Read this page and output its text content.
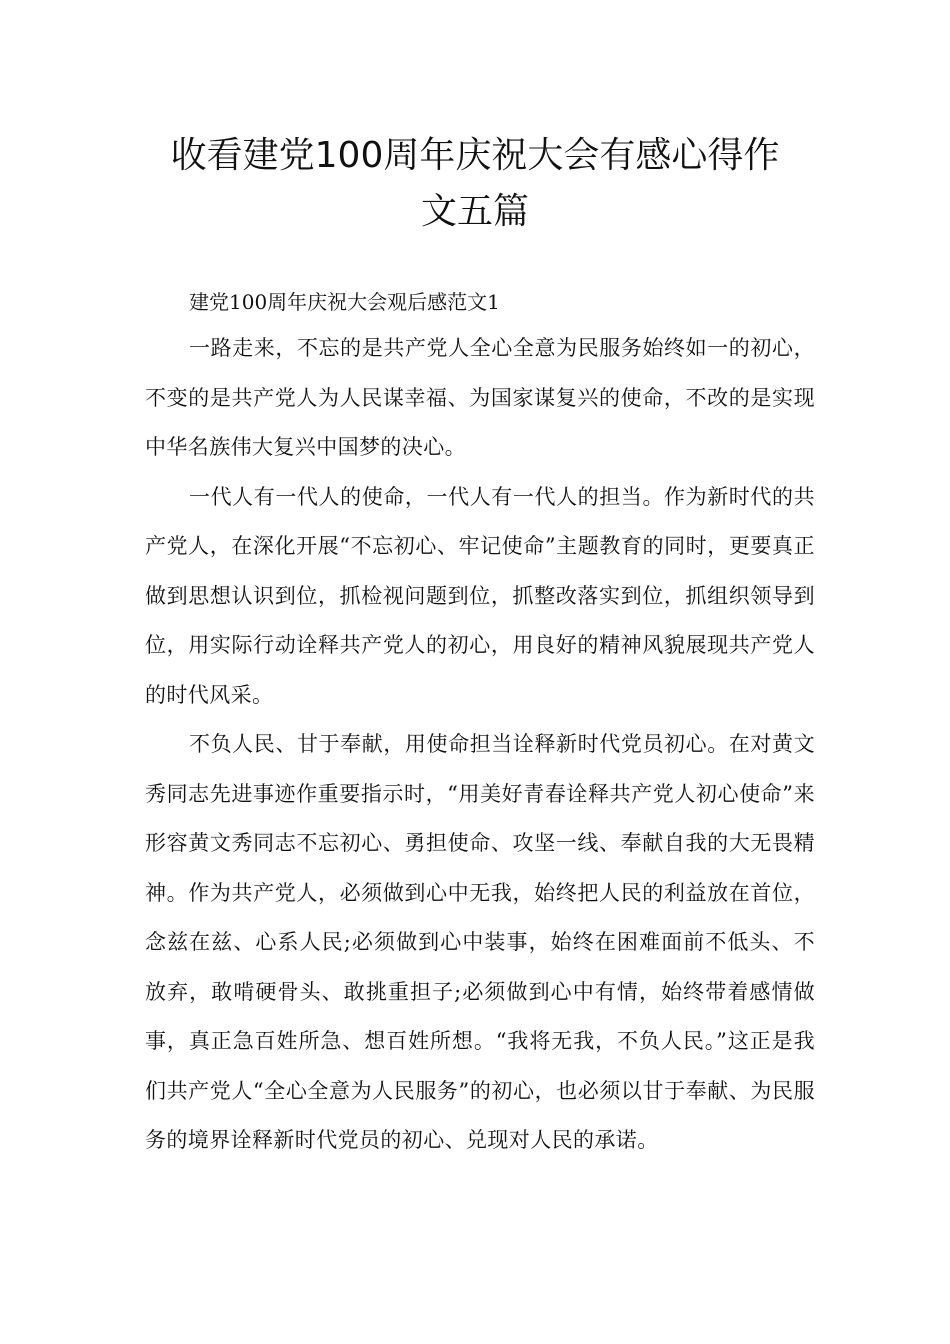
收看建党100周年庆祝大会有感心得作
文五篇

建党100周年庆祝大会观后感范文1

一路走来，不忘的是共产党人全心全意为民服务始终如一的初心，不变的是共产党人为人民谋幸福、为国家谋复兴的使命，不改的是实现中华名族伟大复兴中国梦的决心。

一代人有一代人的使命，一代人有一代人的担当。作为新时代的共产党人，在深化开展“不忘初心、牢记使命”主题教育的同时，更要真正做到思想认识到位，抓检视问题到位，抓整改落实到位，抓组织领导到位，用实际行动诠释共产党人的初心，用良好的精神风貌展现共产党人的时代风采。

不负人民、甘于奉献，用使命担当诠释新时代党员初心。在对黄文秀同志先进事迹作重要指示时，“用美好青春诠释共产党人初心使命”来形容黄文秀同志不忘初心、勇担使命、攻坚一线、奉献自我的大无畏精神。作为共产党人，必须做到心中无我，始终把人民的利益放在首位，念兹在兹、心系人民;必须做到心中装事，始终在困难面前不低头、不放弃，敢啃硬骨头、敢挑重担子;必须做到心中有情，始终带着感情做事，真正急百姓所急、想百姓所想。“我将无我，不负人民。”这正是我们共产党人“全心全意为人民服务”的初心，也必须以甘于奉献、为民服务的境界诠释新时代党员的初心、兑现对人民的承诺。
